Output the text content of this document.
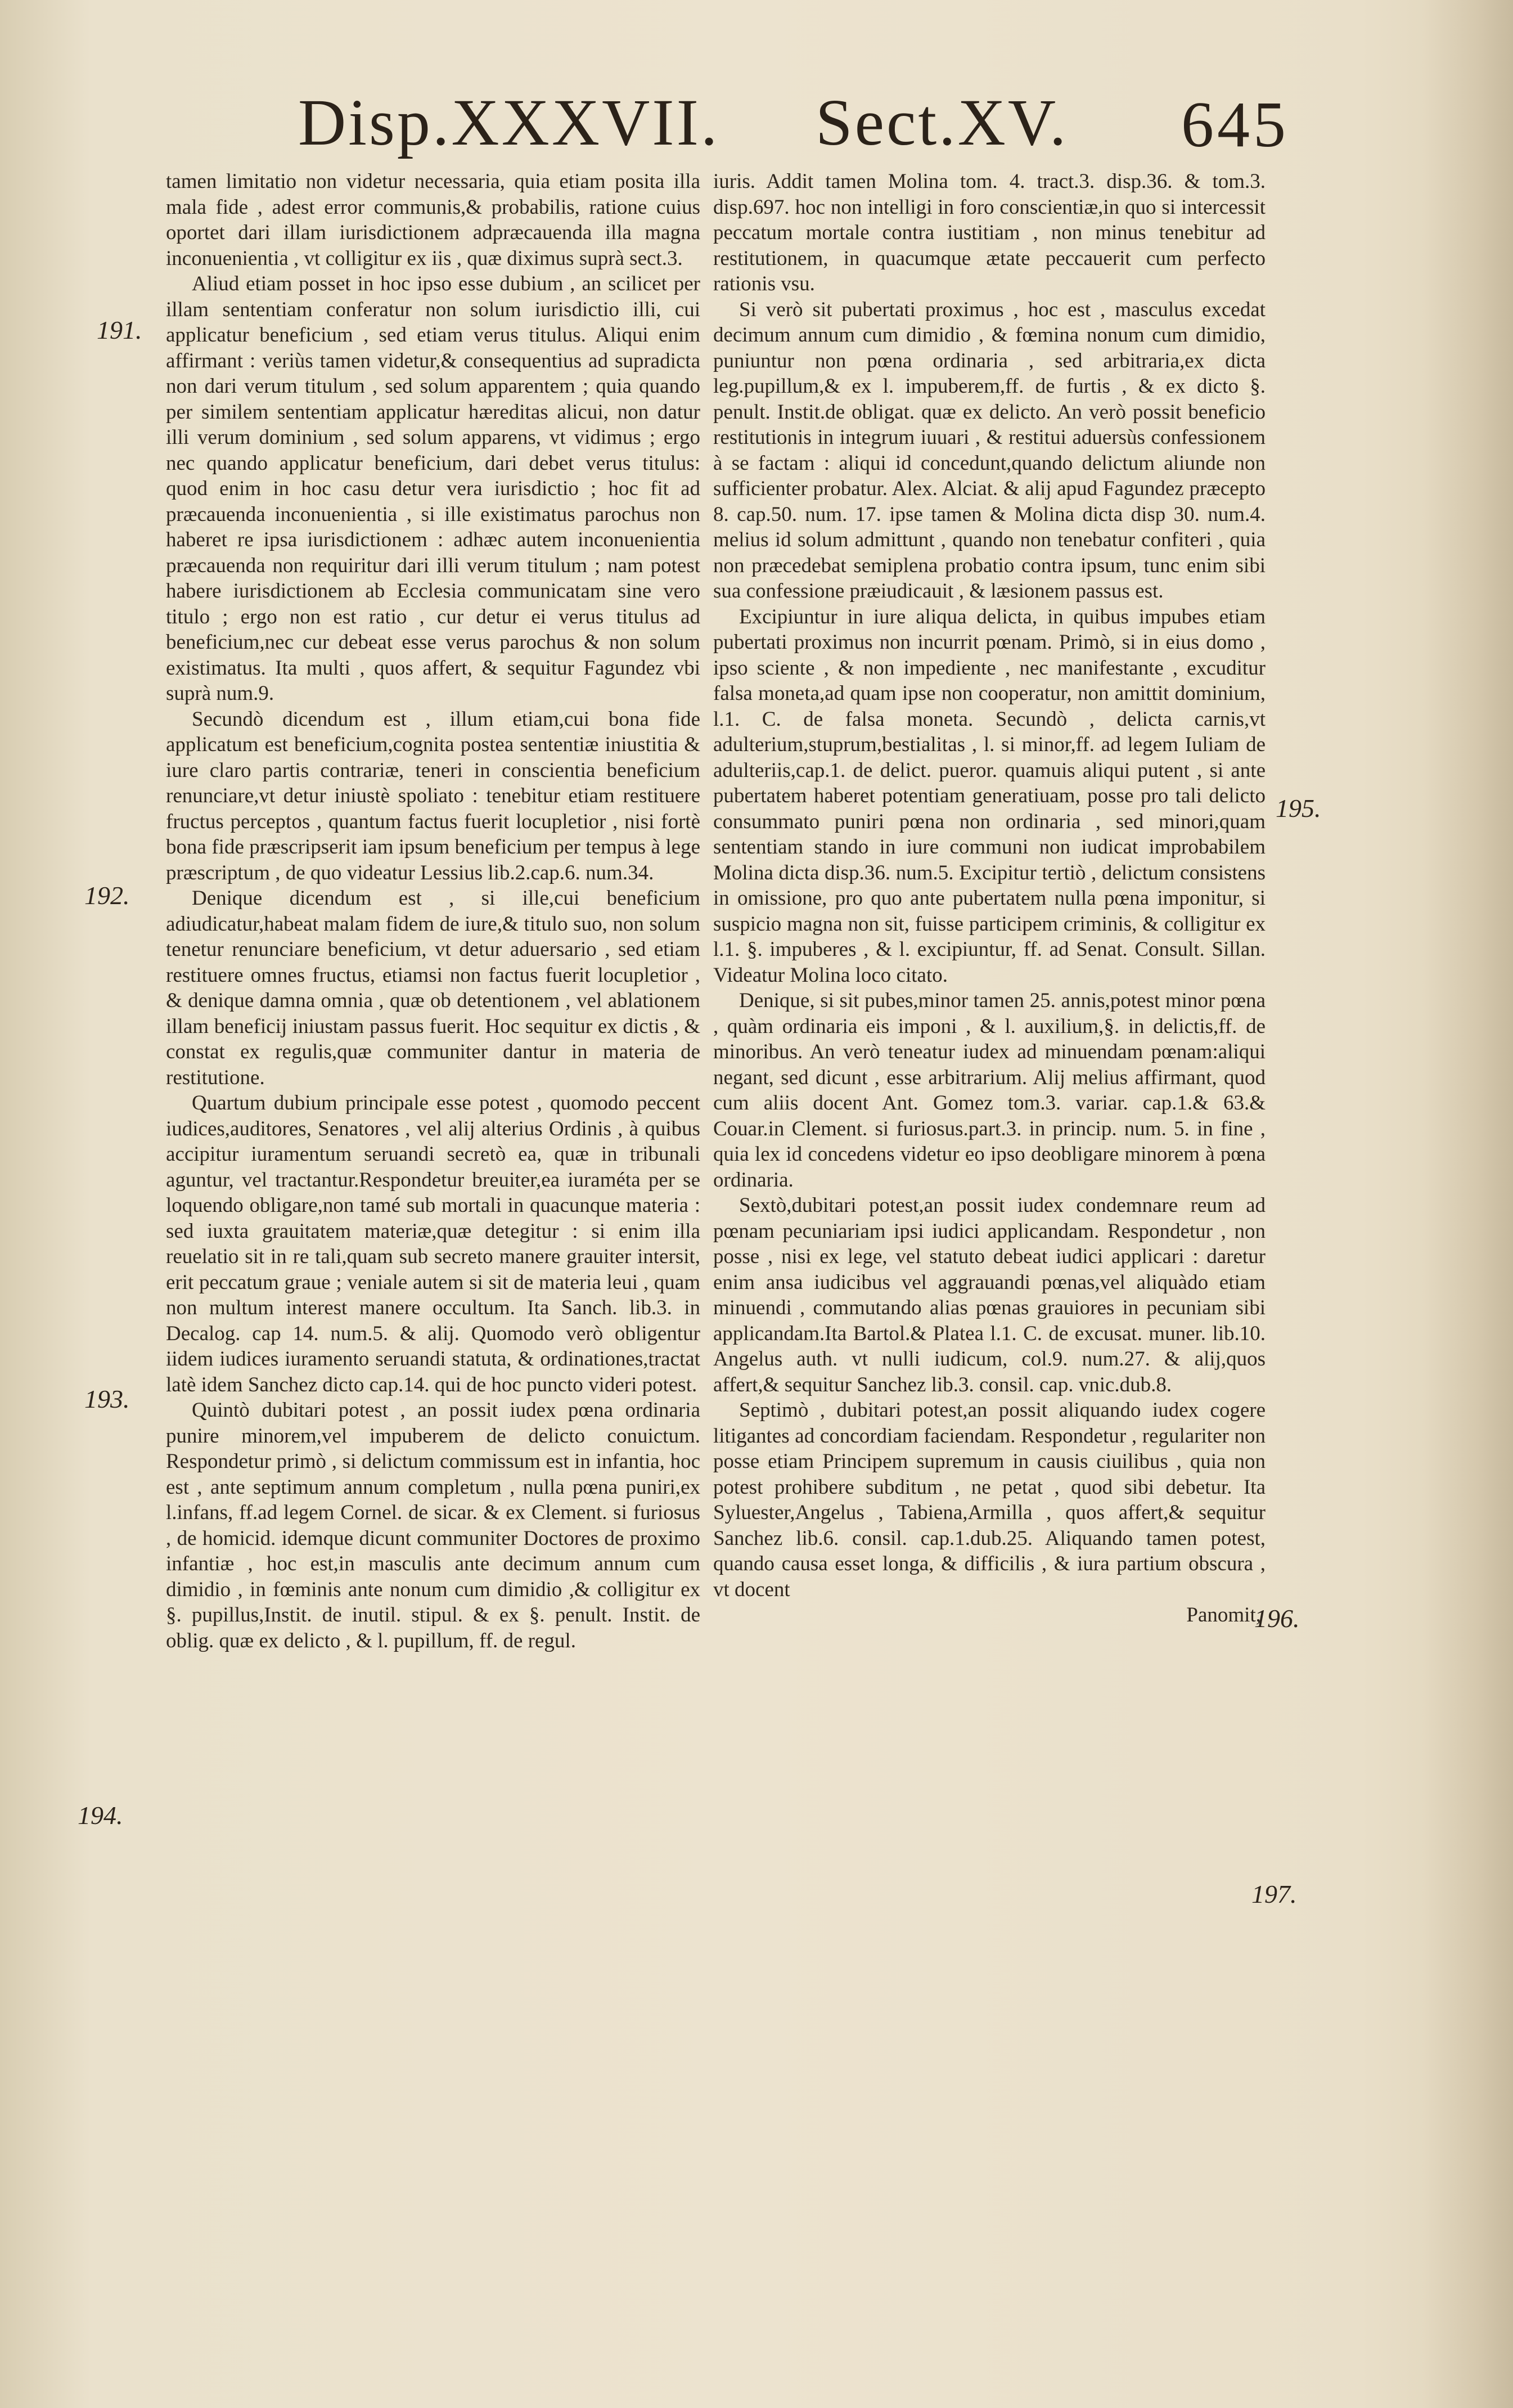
Disp.XXXVII. Sect.XV. 645

tamen limitatio non videtur necessaria, quia etiam posita illa mala fide , adest error communis,& probabilis, ratione cuius oportet dari illam iurisdictionem adpræcauenda illa magna inconuenientia , vt colligitur ex iis , quæ diximus suprà sect.3.

Aliud etiam posset in hoc ipso esse dubium , an scilicet per illam sententiam conferatur non solum iurisdictio illi, cui applicatur beneficium , sed etiam verus titulus. Aliqui enim affirmant : veriùs tamen videtur,& consequentius ad supradicta non dari verum titulum , sed solum apparentem ; quia quando per similem sententiam applicatur hæreditas alicui, non datur illi verum dominium , sed solum apparens, vt vidimus ; ergo nec quando applicatur beneficium, dari debet verus titulus: quod enim in hoc casu detur vera iurisdictio ; hoc fit ad præcauenda inconuenientia , si ille existimatus parochus non haberet re ipsa iurisdictionem : adhæc autem inconuenientia præcauenda non requiritur dari illi verum titulum ; nam potest habere iurisdictionem ab Ecclesia communicatam sine vero titulo ; ergo non est ratio , cur detur ei verus titulus ad beneficium,nec cur debeat esse verus parochus & non solum existimatus. Ita multi , quos affert, & sequitur Fagundez vbi suprà num.9.

Secundò dicendum est , illum etiam,cui bona fide applicatum est beneficium,cognita postea sententiæ iniustitia & iure claro partis contrariæ, teneri in conscientia beneficium renunciare,vt detur iniustè spoliato : tenebitur etiam restituere fructus perceptos , quantum factus fuerit locupletior , nisi fortè bona fide præscripserit iam ipsum beneficium per tempus à lege præscriptum , de quo videatur Lessius lib.2.cap.6. num.34.

Denique dicendum est , si ille,cui beneficium adiudicatur,habeat malam fidem de iure,& titulo suo, non solum tenetur renunciare beneficium, vt detur aduersario , sed etiam restituere omnes fructus, etiamsi non factus fuerit locupletior , & denique damna omnia , quæ ob detentionem , vel ablationem illam beneficij iniustam passus fuerit. Hoc sequitur ex dictis , & constat ex regulis,quæ communiter dantur in materia de restitutione.

Quartum dubium principale esse potest , quomodo peccent iudices,auditores, Senatores , vel alij alterius Ordinis , à quibus accipitur iuramentum seruandi secretò ea, quæ in tribunali aguntur, vel tractantur.Respondetur breuiter,ea iuraméta per se loquendo obligare,non tamé sub mortali in quacunque materia : sed iuxta grauitatem materiæ,quæ detegitur : si enim illa reuelatio sit in re tali,quam sub secreto manere grauiter intersit, erit peccatum graue ; veniale autem si sit de materia leui , quam non multum interest manere occultum. Ita Sanch. lib.3. in Decalog. cap 14. num.5. & alij. Quomodo verò obligentur iidem iudices iuramento seruandi statuta, & ordinationes,tractat latè idem Sanchez dicto cap.14. qui de hoc puncto videri potest.

Quintò dubitari potest , an possit iudex pœna ordinaria punire minorem,vel impuberem de delicto conuictum. Respondetur primò , si delictum commissum est in infantia, hoc est , ante septimum annum completum , nulla pœna puniri,ex l.infans, ff.ad legem Cornel. de sicar. & ex Clement. si furiosus , de homicid. idemque dicunt communiter Doctores de proximo infantiæ , hoc est,in masculis ante decimum annum cum dimidio , in fœminis ante nonum cum dimidio ,& colligitur ex §. pupillus,Instit. de inutil. stipul. & ex §. penult. Instit. de oblig. quæ ex delicto , & l. pupillum, ff. de regul.

iuris. Addit tamen Molina tom. 4. tract.3. disp.36. & tom.3. disp.697. hoc non intelligi in foro conscientiæ,in quo si intercessit peccatum mortale contra iustitiam , non minus tenebitur ad restitutionem, in quacumque ætate peccauerit cum perfecto rationis vsu.

Si verò sit pubertati proximus , hoc est , masculus excedat decimum annum cum dimidio , & fœmina nonum cum dimidio, puniuntur non pœna ordinaria , sed arbitraria,ex dicta leg.pupillum,& ex l. impuberem,ff. de furtis , & ex dicto §. penult. Instit.de obligat. quæ ex delicto. An verò possit beneficio restitutionis in integrum iuuari , & restitui aduersùs confessionem à se factam : aliqui id concedunt,quando delictum aliunde non sufficienter probatur. Alex. Alciat. & alij apud Fagundez præcepto 8. cap.50. num. 17. ipse tamen & Molina dicta disp 30. num.4. melius id solum admittunt , quando non tenebatur confiteri , quia non præcedebat semiplena probatio contra ipsum, tunc enim sibi sua confessione præiudicauit , & læsionem passus est.

Excipiuntur in iure aliqua delicta, in quibus impubes etiam pubertati proximus non incurrit pœnam. Primò, si in eius domo , ipso sciente , & non impediente , nec manifestante , excuditur falsa moneta,ad quam ipse non cooperatur, non amittit dominium, l.1. C. de falsa moneta. Secundò , delicta carnis,vt adulterium,stuprum,bestialitas , l. si minor,ff. ad legem Iuliam de adulteriis,cap.1. de delict. pueror. quamuis aliqui putent , si ante pubertatem haberet potentiam generatiuam, posse pro tali delicto consummato puniri pœna non ordinaria , sed minori,quam sententiam stando in iure communi non iudicat improbabilem Molina dicta disp.36. num.5. Excipitur tertiò , delictum consistens in omissione, pro quo ante pubertatem nulla pœna imponitur, si suspicio magna non sit, fuisse participem criminis, & colligitur ex l.1. §. impuberes , & l. excipiuntur, ff. ad Senat. Consult. Sillan. Videatur Molina loco citato.

Denique, si sit pubes,minor tamen 25. annis,potest minor pœna , quàm ordinaria eis imponi , & l. auxilium,§. in delictis,ff. de minoribus. An verò teneatur iudex ad minuendam pœnam:aliqui negant, sed dicunt , esse arbitrarium. Alij melius affirmant, quod cum aliis docent Ant. Gomez tom.3. variar. cap.1.& 63.& Couar.in Clement. si furiosus.part.3. in princip. num. 5. in fine , quia lex id concedens videtur eo ipso deobligare minorem à pœna ordinaria.

Sextò,dubitari potest,an possit iudex condemnare reum ad pœnam pecuniariam ipsi iudici applicandam. Respondetur , non posse , nisi ex lege, vel statuto debeat iudici applicari : daretur enim ansa iudicibus vel aggrauandi pœnas,vel aliquàdo etiam minuendi , commutando alias pœnas grauiores in pecuniam sibi applicandam.Ita Bartol.& Platea l.1. C. de excusat. muner. lib.10. Angelus auth. vt nulli iudicum, col.9. num.27. & alij,quos affert,& sequitur Sanchez lib.3. consil. cap. vnic.dub.8.

Septimò , dubitari potest,an possit aliquando iudex cogere litigantes ad concordiam faciendam. Respondetur , regulariter non posse etiam Principem supremum in causis ciuilibus , quia non potest prohibere subditum , ne petat , quod sibi debetur. Ita Syluester,Angelus , Tabiena,Armilla , quos affert,& sequitur Sanchez lib.6. consil. cap.1.dub.25. Aliquando tamen potest, quando causa esset longa, & difficilis , & iura partium obscura , vt docent

Panomit,
191.
192.
193.
194.
195.
196.
197.
